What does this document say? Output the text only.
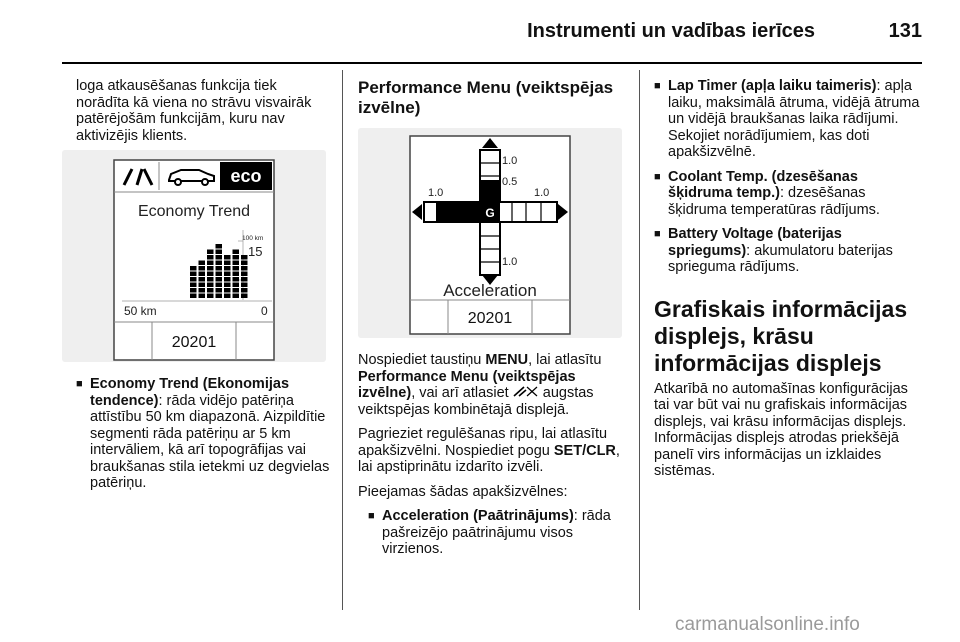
Instrumenti un vadības ierīces	131

loga atkausēšanas funkcija tiek norādīta kā viena no strāvu visvairāk patērējošām funkcijām, kuru nav aktivizējis klients.

eco
Economy Trend
100 km
15
50 km	0
20201
■ Economy Trend (Ekonomijas tendence): rāda vidējo patēriņa attīstību 50 km diapazonā. Aizpildītie segmenti rāda patēriņu ar 5 km intervāliem, kā arī topogrāfijas vai braukšanas stila ietekmi uz degvielas patēriņu.
Performance Menu (veiktspējas izvēlne)
1.0
0.5
1.0	1.0
1.0
G
Acceleration
20201

Nospiediet taustiņu MENU, lai atlasītu Performance Menu (veiktspējas izvēlne), vai arī atlasiet  augstas veiktspējas kombinētajā displejā.

Pagrieziet regulēšanas ripu, lai atlasītu apakšizvēlni. Nospiediet pogu SET/CLR, lai apstiprinātu izdarīto izvēli.

Pieejamas šādas apakšizvēlnes:

■ Acceleration (Paātrinājums): rāda pašreizējo paātrinājumu visos virzienos.
■ Lap Timer (apļa laiku taimeris): apļa laiku, maksimālā ātruma, vidējā ātruma un vidējā braukšanas laika rādījumi. Sekojiet norādījumiem, kas doti apakšizvēlnē.
■ Coolant Temp. (dzesēšanas šķidruma temp.): dzesēšanas šķidruma temperatūras rādījums.
■ Battery Voltage (baterijas spriegums): akumulatoru baterijas sprieguma rādījums.
Grafiskais informācijas displejs, krāsu informācijas displejs

Atkarībā no automašīnas konfigurācijas tai var būt vai nu grafiskais informācijas displejs, vai krāsu informācijas displejs. Informācijas displejs atrodas priekšējā panelī virs informācijas un izklaides sistēmas.

carmanualsonline.info
